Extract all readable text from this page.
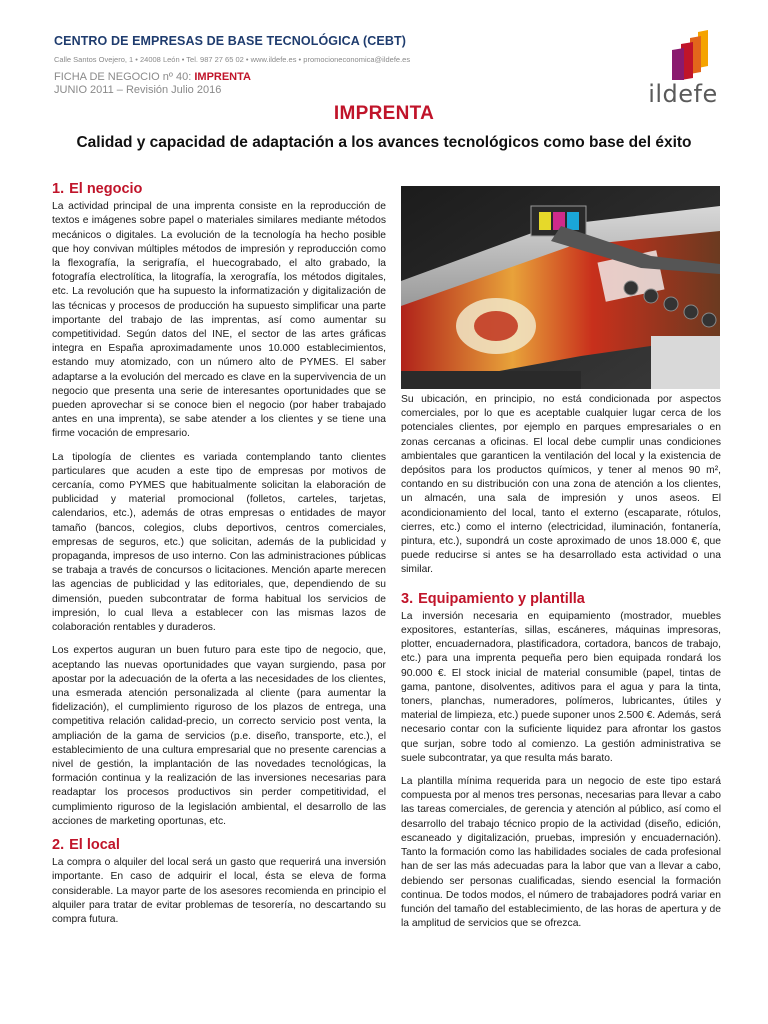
CENTRO DE EMPRESAS DE BASE TECNOLÓGICA (CEBT)
Calle Santos Ovejero, 1 • 24008 León • Tel. 987 27 65 02 • www.ildefe.es • promocioneconomica@ildefe.es
FICHA DE NEGOCIO nº 40: IMPRENTA
JUNIO 2011 – Revisión Julio 2016	ildefe
IMPRENTA
Calidad y capacidad de adaptación a los avances tecnológicos como base del éxito
1. El negocio

La actividad principal de una imprenta consiste en la reproducción de textos e imágenes sobre papel o materiales similares mediante métodos mecánicos o digitales. La evolución de la tecnología ha hecho posible que hoy convivan múltiples métodos de impresión y reproducción como la flexografía, la serigrafía, el huecograbado, el alto grabado, la fotografía electrolítica, la litografía, la xerografía, los métodos digitales, etc. La revolución que ha supuesto la informatización y digitalización de las técnicas y procesos de producción ha supuesto simplificar una parte importante del trabajo de las imprentas, así como aumentar su competitividad. Según datos del INE, el sector de las artes gráficas integra en España aproximadamente unos 10.000 establecimientos, estando muy atomizado, con un número alto de PYMES. El saber adaptarse a la evolución del mercado es clave en la supervivencia de un negocio que presenta una serie de interesantes oportunidades que se pueden aprovechar si se conoce bien el negocio (por haber trabajado antes en una imprenta), se sabe atender a los clientes y se tiene una firme vocación de empresario.

La tipología de clientes es variada contemplando tanto clientes particulares que acuden a este tipo de empresas por motivos de cercanía, como PYMES que habitualmente solicitan la elaboración de publicidad y material promocional (folletos, carteles, tarjetas, calendarios, etc.), además de otras empresas o entidades de mayor tamaño (bancos, colegios, clubs deportivos, centros comerciales, empresas de seguros, etc.) que solicitan, además de la publicidad y propaganda, impresos de uso interno. Con las administraciones públicas se trabaja a través de concursos o licitaciones. Mención aparte merecen las agencias de publicidad y las editoriales, que, dependiendo de su dimensión, pueden subcontratar de forma habitual los servicios de impresión, lo cual lleva a establecer con las mismas lazos de colaboración rentables y duraderos.

Los expertos auguran un buen futuro para este tipo de negocio, que, aceptando las nuevas oportunidades que vayan surgiendo, pasa por apostar por la adecuación de la oferta a las necesidades de los clientes, una esmerada atención personalizada al cliente (para aumentar la fidelización), el cumplimiento riguroso de los plazos de entrega, una competitiva relación calidad-precio, un correcto servicio post venta, la ampliación de la gama de servicios (p.e. diseño, transporte, etc.), el establecimiento de una cultura empresarial que no presente carencias a nivel de gestión, la implantación de las novedades tecnológicas, la formación continua y la realización de las inversiones necesarias para readaptar los procesos productivos sin perder competitividad, el cumplimiento riguroso de la legislación ambiental, el desarrollo de las acciones de marketing oportunas, etc.

2. El local

La compra o alquiler del local será un gasto que requerirá una inversión importante. En caso de adquirir el local, ésta se eleva de forma considerable. La mayor parte de los asesores recomienda en principio el alquiler para tratar de evitar problemas de tesorería, no descartando su compra futura.

Su ubicación, en principio, no está condicionada por aspectos comerciales, por lo que es aceptable cualquier lugar cerca de los potenciales clientes, por ejemplo en parques empresariales o en zonas cercanas a oficinas. El local debe cumplir unas condiciones ambientales que garanticen la ventilación del local y la existencia de depósitos para los productos químicos, y tener al menos 90 m², contando en su distribución con una zona de atención a los clientes, un almacén, una sala de impresión y unos aseos. El acondicionamiento del local, tanto el externo (escaparate, rótulos, cierres, etc.) como el interno (electricidad, iluminación, fontanería, pintura, etc.), supondrá un coste aproximado de unos 18.000 €, que puede reducirse si antes se ha desarrollado esta actividad o una similar.

3. Equipamiento y plantilla

La inversión necesaria en equipamiento (mostrador, muebles expositores, estanterías, sillas, escáneres, máquinas impresoras, plotter, encuadernadora, plastificadora, cortadora, bancos de trabajo, etc.) para una imprenta pequeña pero bien equipada rondará los 90.000 €. El stock inicial de material consumible (papel, tintas de gama, pantone, disolventes, aditivos para el agua y para la tinta, toners, planchas, numeradores, polímeros, lubricantes, útiles y material de limpieza, etc.) puede suponer unos 2.500 €. Además, será necesario contar con la suficiente liquidez para afrontar los gastos que surjan, sobre todo al comienzo. La gestión administrativa se suele subcontratar, ya que resulta más barato.

La plantilla mínima requerida para un negocio de este tipo estará compuesta por al menos tres personas, necesarias para llevar a cabo las tareas comerciales, de gerencia y atención al público, así como el desarrollo del trabajo técnico propio de la actividad (diseño, edición, escaneado y digitalización, pruebas, impresión y encuadernación). Tanto la formación como las habilidades sociales de cada profesional han de ser las más adecuadas para la labor que van a llevar a cabo, debiendo ser personas cualificadas, siendo esencial la formación continua. De todos modos, el número de trabajadores podrá variar en función del tamaño del establecimiento, de las horas de apertura y de la amplitud de servicios que se ofrezca.
